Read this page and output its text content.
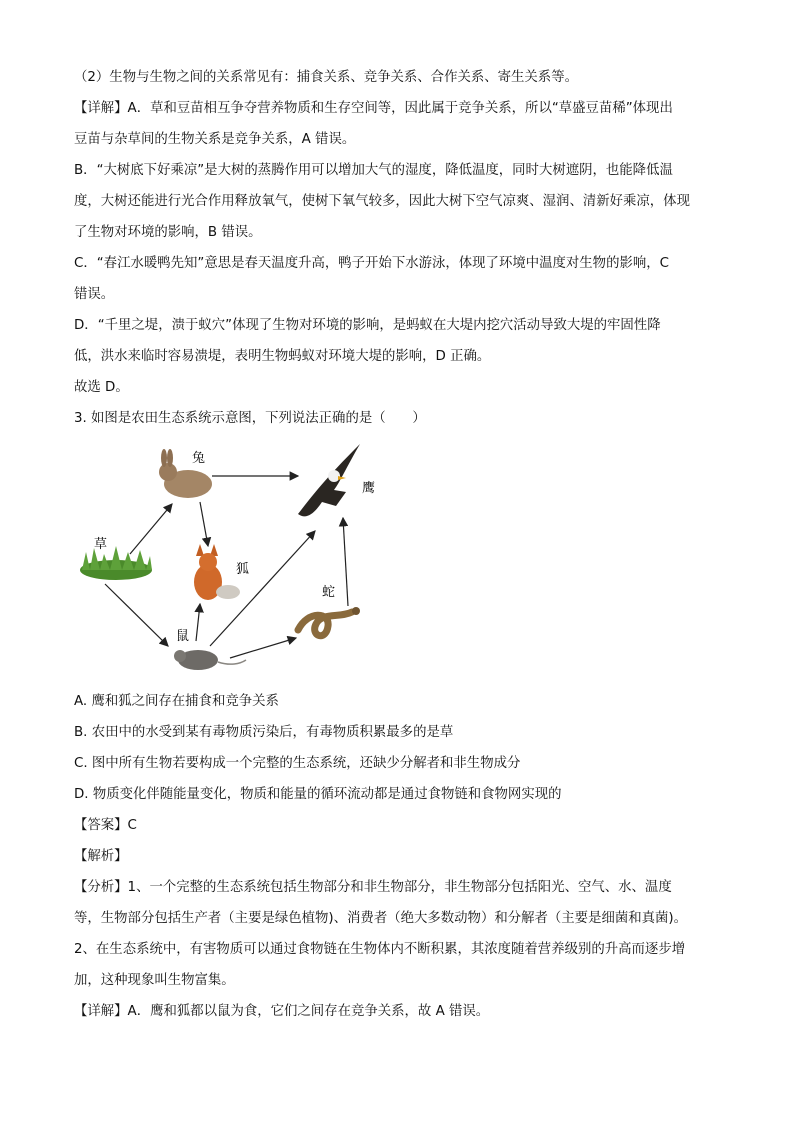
（2）生物与生物之间的关系常见有：捕食关系、竞争关系、合作关系、寄生关系等。
【详解】A．草和豆苗相互争夺营养物质和生存空间等，因此属于竞争关系，所以“草盛豆苗稀”体现出
豆苗与杂草间的生物关系是竞争关系，A 错误。
B．“大树底下好乘凉”是大树的蒸腾作用可以增加大气的湿度，降低温度，同时大树遮阴，也能降低温
度，大树还能进行光合作用释放氧气，使树下氧气较多，因此大树下空气凉爽、湿润、清新好乘凉，体现
了生物对环境的影响，B 错误。
C．“春江水暖鸭先知”意思是春天温度升高，鸭子开始下水游泳，体现了环境中温度对生物的影响，C
错误。
D．“千里之堤，溃于蚁穴”体现了生物对环境的影响，是蚂蚁在大堤内挖穴活动导致大堤的牢固性降
低，洪水来临时容易溃堤，表明生物蚂蚁对环境大堤的影响，D 正确。
故选 D。
3. 如图是农田生态系统示意图，下列说法正确的是（　　）
草
兔
鹰
狐
鼠
蛇
A. 鹰和狐之间存在捕食和竞争关系
B. 农田中的水受到某有毒物质污染后，有毒物质积累最多的是草
C. 图中所有生物若要构成一个完整的生态系统，还缺少分解者和非生物成分
D. 物质变化伴随能量变化，物质和能量的循环流动都是通过食物链和食物网实现的
【答案】C
【解析】
【分析】1、一个完整的生态系统包括生物部分和非生物部分，非生物部分包括阳光、空气、水、温度
等，生物部分包括生产者（主要是绿色植物)、消费者（绝大多数动物）和分解者（主要是细菌和真菌)。
2、在生态系统中，有害物质可以通过食物链在生物体内不断积累，其浓度随着营养级别的升高而逐步增
加，这种现象叫生物富集。
【详解】A．鹰和狐都以鼠为食，它们之间存在竞争关系，故 A 错误。
